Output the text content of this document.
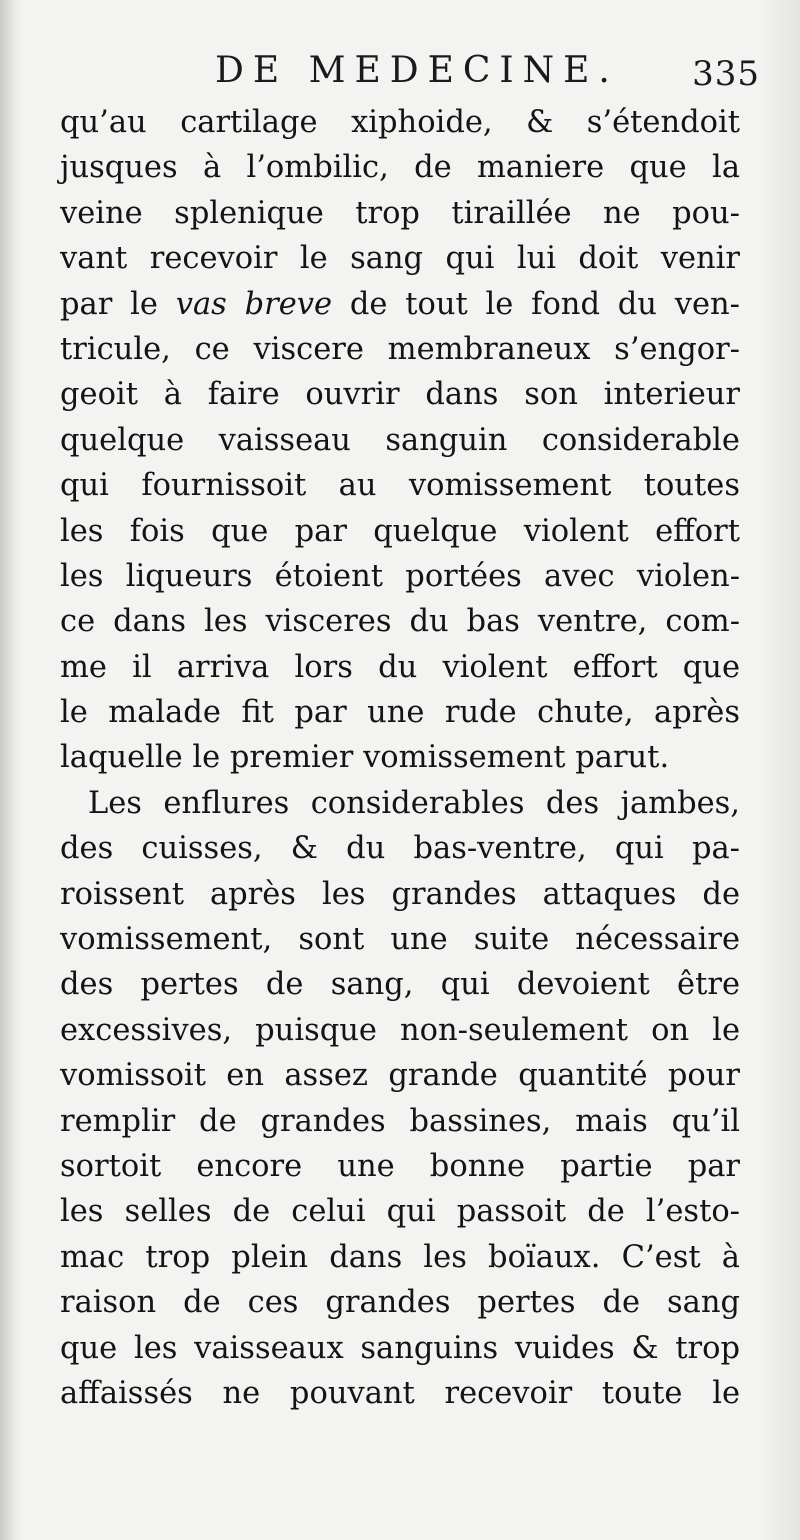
DE MEDECINE. 335
qu’au cartilage xiphoide, & s’étendoit
jusques à l’ombilic, de maniere que la
veine splenique trop tiraillée ne pou-
vant recevoir le sang qui lui doit venir
par le vas breve de tout le fond du ven-
tricule, ce viscere membraneux s’engor-
geoit à faire ouvrir dans son interieur
quelque vaisseau sanguin considerable
qui fournissoit au vomissement toutes
les fois que par quelque violent effort
les liqueurs étoient portées avec violen-
ce dans les visceres du bas ventre, com-
me il arriva lors du violent effort que
le malade fit par une rude chute, après
laquelle le premier vomissement parut.
Les enflures considerables des jambes,
des cuisses, & du bas-ventre, qui pa-
roissent après les grandes attaques de
vomissement, sont une suite nécessaire
des pertes de sang, qui devoient être
excessives, puisque non-seulement on le
vomissoit en assez grande quantité pour
remplir de grandes bassines, mais qu’il
sortoit encore une bonne partie par
les selles de celui qui passoit de l’esto-
mac trop plein dans les boïaux. C’est à
raison de ces grandes pertes de sang
que les vaisseaux sanguins vuides & trop
affaissés ne pouvant recevoir toute le
